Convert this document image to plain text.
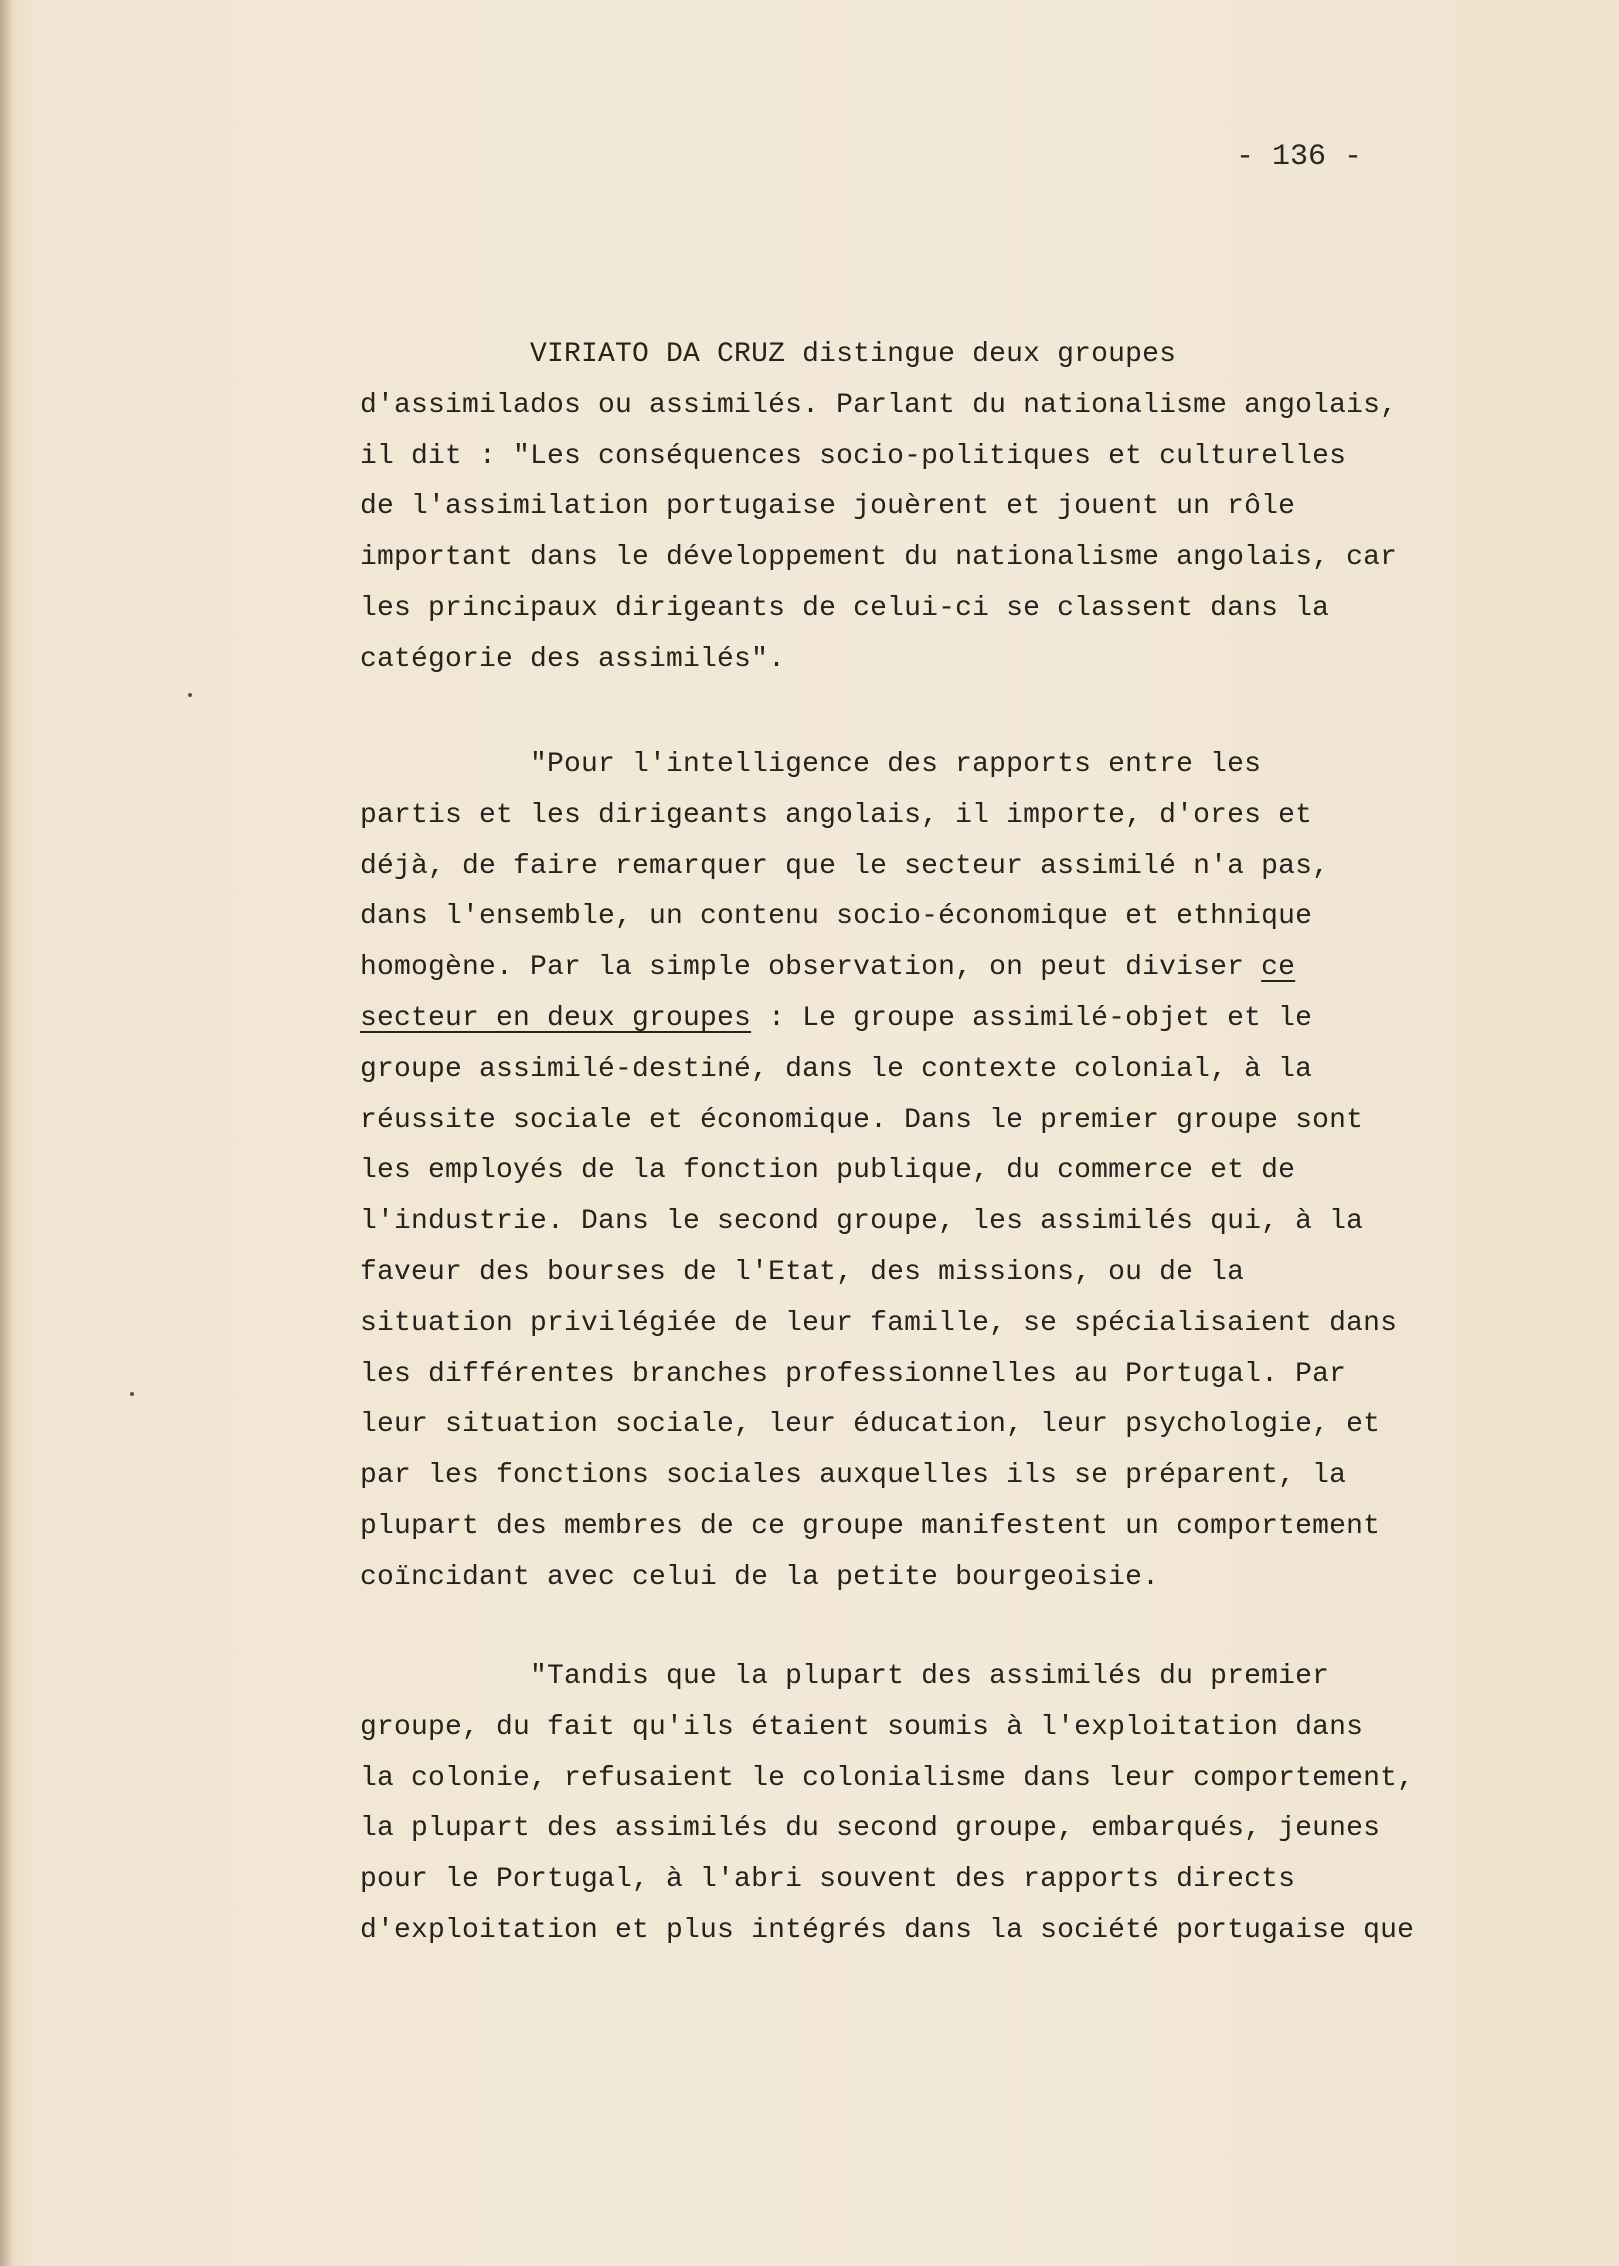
- 136 -
VIRIATO DA CRUZ distingue deux groupes
d'assimilados ou assimilés. Parlant du nationalisme angolais,
il dit : "Les conséquences socio-politiques et culturelles
de l'assimilation portugaise jouèrent et jouent un rôle
important dans le développement du nationalisme angolais, car
les principaux dirigeants de celui-ci se classent dans la
catégorie des assimilés".
"Pour l'intelligence des rapports entre les
partis et les dirigeants angolais, il importe, d'ores et
déjà, de faire remarquer que le secteur assimilé n'a pas,
dans l'ensemble, un contenu socio-économique et ethnique
homogène. Par la simple observation, on peut diviser ce
secteur en deux groupes : Le groupe assimilé-objet et le
groupe assimilé-destiné, dans le contexte colonial, à la
réussite sociale et économique. Dans le premier groupe sont
les employés de la fonction publique, du commerce et de
l'industrie. Dans le second groupe, les assimilés qui, à la
faveur des bourses de l'Etat, des missions, ou de la
situation privilégiée de leur famille, se spécialisaient dans
les différentes branches professionnelles au Portugal. Par
leur situation sociale, leur éducation, leur psychologie, et
par les fonctions sociales auxquelles ils se préparent, la
plupart des membres de ce groupe manifestent un comportement
coïncidant avec celui de la petite bourgeoisie.
"Tandis que la plupart des assimilés du premier
groupe, du fait qu'ils étaient soumis à l'exploitation dans
la colonie, refusaient le colonialisme dans leur comportement,
la plupart des assimilés du second groupe, embarqués, jeunes
pour le Portugal, à l'abri souvent des rapports directs
d'exploitation et plus intégrés dans la société portugaise que
